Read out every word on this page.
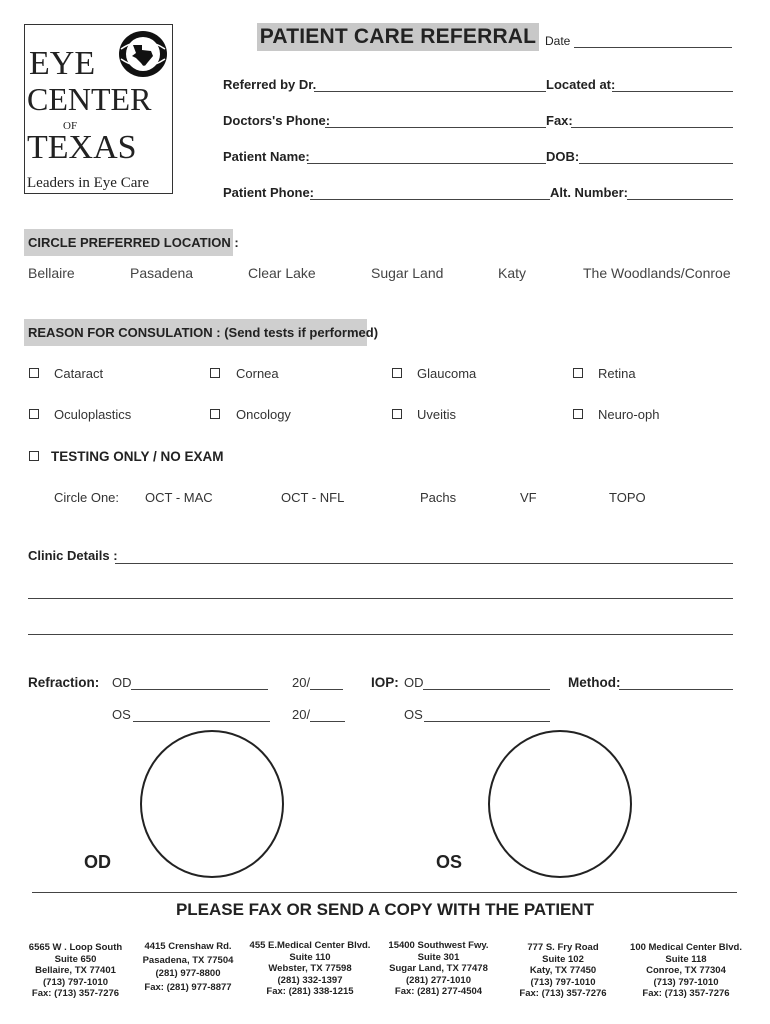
EYE
CENTER
OF
TEXAS
Leaders in Eye Care
PATIENT CARE REFERRAL Date
Referred by Dr.	Located at:
Doctors's Phone:	Fax:
Patient Name:	DOB:
Patient Phone:	Alt. Number:
CIRCLE PREFERRED LOCATION :
Bellaire	Pasadena	Clear Lake	Sugar Land	Katy	The Woodlands/Conroe
REASON FOR CONSULATION : (Send tests if performed)
Cataract	Cornea	Glaucoma	Retina
Oculoplastics	Oncology	Uveitis	Neuro-oph
TESTING ONLY / NO EXAM
Circle One: OCT - MAC	OCT - NFL	Pachs	VF	TOPO
Clinic Details :
Refraction: OD	20/	IOP: OD	Method:
OS	20/	OS
OD	OS
PLEASE FAX OR SEND A COPY WITH THE PATIENT
6565 W . Loop South
Suite 650
Bellaire, TX 77401
(713) 797-1010
Fax: (713) 357-7276
4415 Crenshaw Rd.
Pasadena, TX 77504
(281) 977-8800
Fax: (281) 977-8877
455 E.Medical Center Blvd.
Suite 110
Webster, TX 77598
(281) 332-1397
Fax: (281) 338-1215
15400 Southwest Fwy.
Suite 301
Sugar Land, TX 77478
(281) 277-1010
Fax: (281) 277-4504
777 S. Fry Road
Suite 102
Katy, TX 77450
(713) 797-1010
Fax: (713) 357-7276
100 Medical Center Blvd.
Suite 118
Conroe, TX 77304
(713) 797-1010
Fax: (713) 357-7276
